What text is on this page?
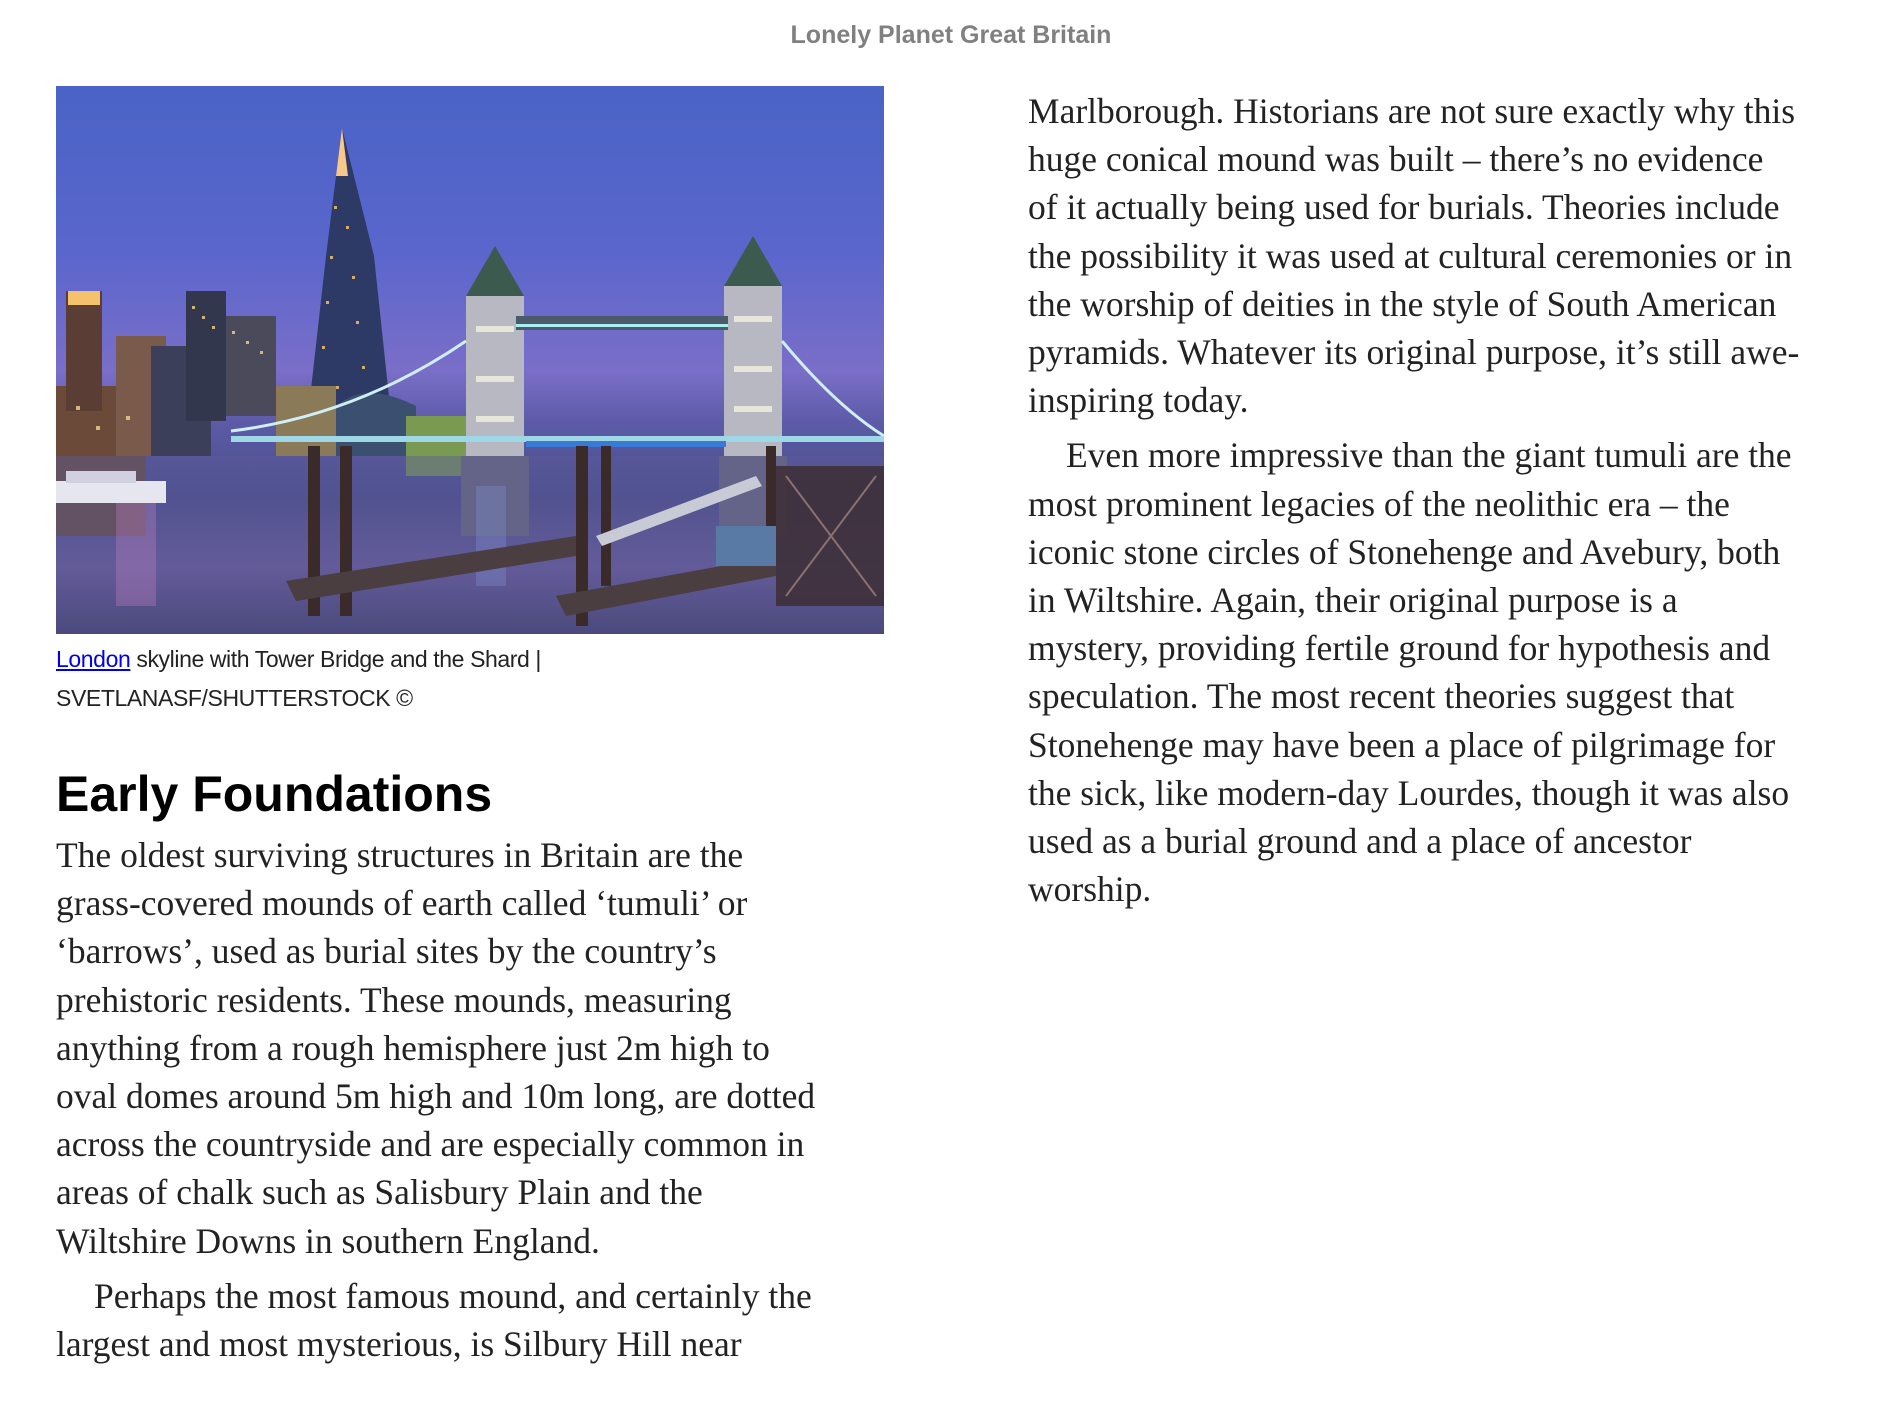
Lonely Planet Great Britain
London skyline with Tower Bridge and the Shard |
SVETLANASF/SHUTTERSTOCK ©
Early Foundations
The oldest surviving structures in Britain are the
grass-covered mounds of earth called ‘tumuli’ or
‘barrows’, used as burial sites by the country’s
prehistoric residents. These mounds, measuring
anything from a rough hemisphere just 2m high to
oval domes around 5m high and 10m long, are dotted
across the countryside and are especially common in
areas of chalk such as Salisbury Plain and the
Wiltshire Downs in southern England.
Perhaps the most famous mound, and certainly the
largest and most mysterious, is Silbury Hill near
Marlborough. Historians are not sure exactly why this
huge conical mound was built – there’s no evidence
of it actually being used for burials. Theories include
the possibility it was used at cultural ceremonies or in
the worship of deities in the style of South American
pyramids. Whatever its original purpose, it’s still awe-
inspiring today.
Even more impressive than the giant tumuli are the
most prominent legacies of the neolithic era – the
iconic stone circles of Stonehenge and Avebury, both
in Wiltshire. Again, their original purpose is a
mystery, providing fertile ground for hypothesis and
speculation. The most recent theories suggest that
Stonehenge may have been a place of pilgrimage for
the sick, like modern-day Lourdes, though it was also
used as a burial ground and a place of ancestor
worship.
